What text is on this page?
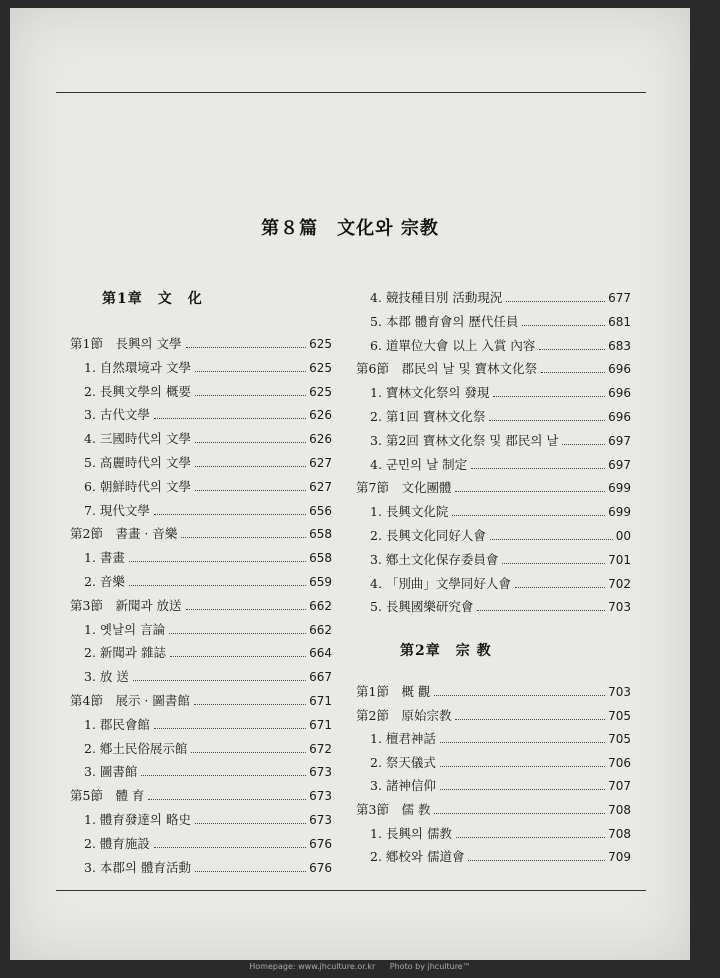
第８篇　文化와 宗教
第1章　文　化
第1節　長興의 文學	625
1. 自然環境과 文學	625
2. 長興文學의 概要	625
3. 古代文學	626
4. 三國時代의 文學	626
5. 高麗時代의 文學	627
6. 朝鮮時代의 文學	627
7. 現代文學	656
第2節　書畫 · 音樂	658
1. 書畫	658
2. 音樂	659
第3節　新聞과 放送	662
1. 옛날의 言論	662
2. 新聞과 雜誌	664
3. 放 送	667
第4節　展示 · 圖書館	671
1. 郡民會館	671
2. 鄕土民俗展示館	672
3. 圖書館	673
第5節　體 育	673
1. 體育發達의 略史	673
2. 體育施設	676
3. 本郡의 體育活動	676
4. 競技種目別 活動現況	677
5. 本郡 體育會의 歷代任員	681
6. 道單位大會 以上 入賞 內容	683
第6節　郡民의 날 및 寶林文化祭	696
1. 寶林文化祭의 發現	696
2. 第1回 寶林文化祭	696
3. 第2回 寶林文化祭 및 郡民의 날	697
4. 군민의 날 制定	697
第7節　文化團體	699
1. 長興文化院	699
2. 長興文化同好人會	00
3. 鄕土文化保存委員會	701
4. 「別曲」文學同好人會	702
5. 長興國樂研究會	703
第1節　概 觀	703
第2節　原始宗教	705
1. 檀君神話	705
2. 祭天儀式	706
3. 諸神信仰	707
第3節　儒 教	708
1. 長興의 儒教	708
2. 鄕校와 儒道會	709
第2章　宗 教
Homepage: www.jhculture.or.kr Photo by jhculture™
